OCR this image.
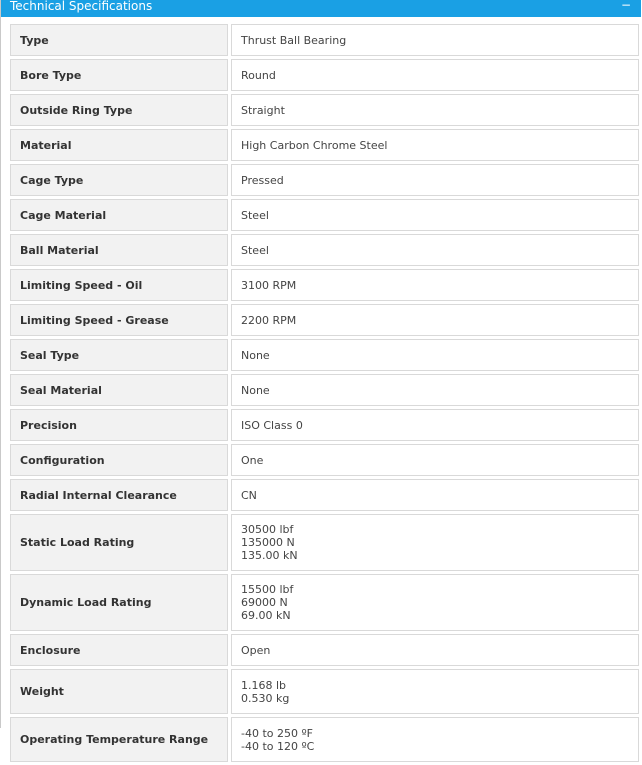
Technical Specifications	−
Type	Thrust Ball Bearing

Bore Type	Round

Outside Ring Type	Straight

Material	High Carbon Chrome Steel

Cage Type	Pressed

Cage Material	Steel

Ball Material	Steel

Limiting Speed - Oil	3100 RPM

Limiting Speed - Grease	2200 RPM

Seal Type	None

Seal Material	None

Precision	ISO Class 0

Configuration	One

Radial Internal Clearance	CN

Static Load Rating	30500 lbf
135000 N
135.00 kN

Dynamic Load Rating	15500 lbf
69000 N
69.00 kN

Enclosure	Open

Weight	1.168 lb
0.530 kg

Operating Temperature Range	-40 to 250 ºF
-40 to 120 ºC
